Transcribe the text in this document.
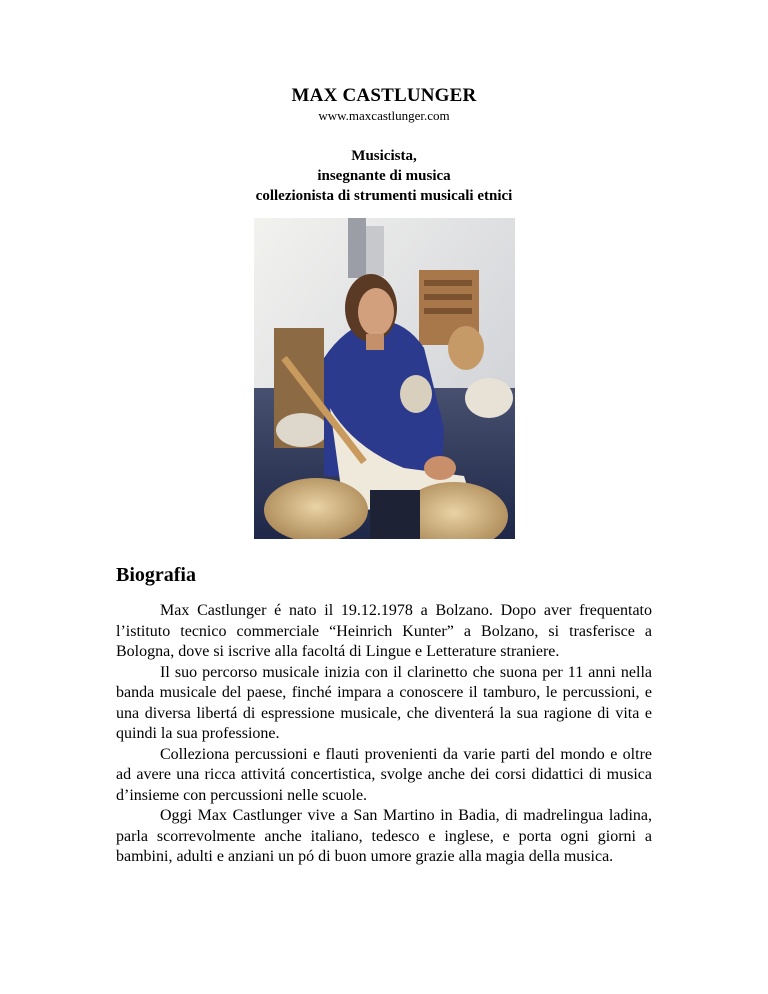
MAX CASTLUNGER
www.maxcastlunger.com
Musicista,
insegnante di musica
collezionista di strumenti musicali etnici
Biografia

Max Castlunger é nato il 19.12.1978 a Bolzano. Dopo aver frequentato l’istituto tecnico commerciale “Heinrich Kunter” a Bolzano, si trasferisce a Bologna, dove si iscrive alla facoltá di Lingue e Letterature straniere.

Il suo percorso musicale inizia con il clarinetto che suona per 11 anni nella banda musicale del paese, finché impara a conoscere il tamburo, le percussioni, e una diversa libertá di espressione musicale, che diventerá la sua ragione di vita e quindi la sua professione.

Colleziona percussioni e flauti provenienti da varie parti del mondo e oltre ad avere una ricca attivitá concertistica, svolge anche dei corsi didattici di musica d’insieme con percussioni nelle scuole.

Oggi Max Castlunger vive a San Martino in Badia, di madrelingua ladina, parla scorrevolmente anche italiano, tedesco e inglese, e porta ogni giorni a bambini, adulti e anziani un pó di buon umore grazie alla magia della musica.
